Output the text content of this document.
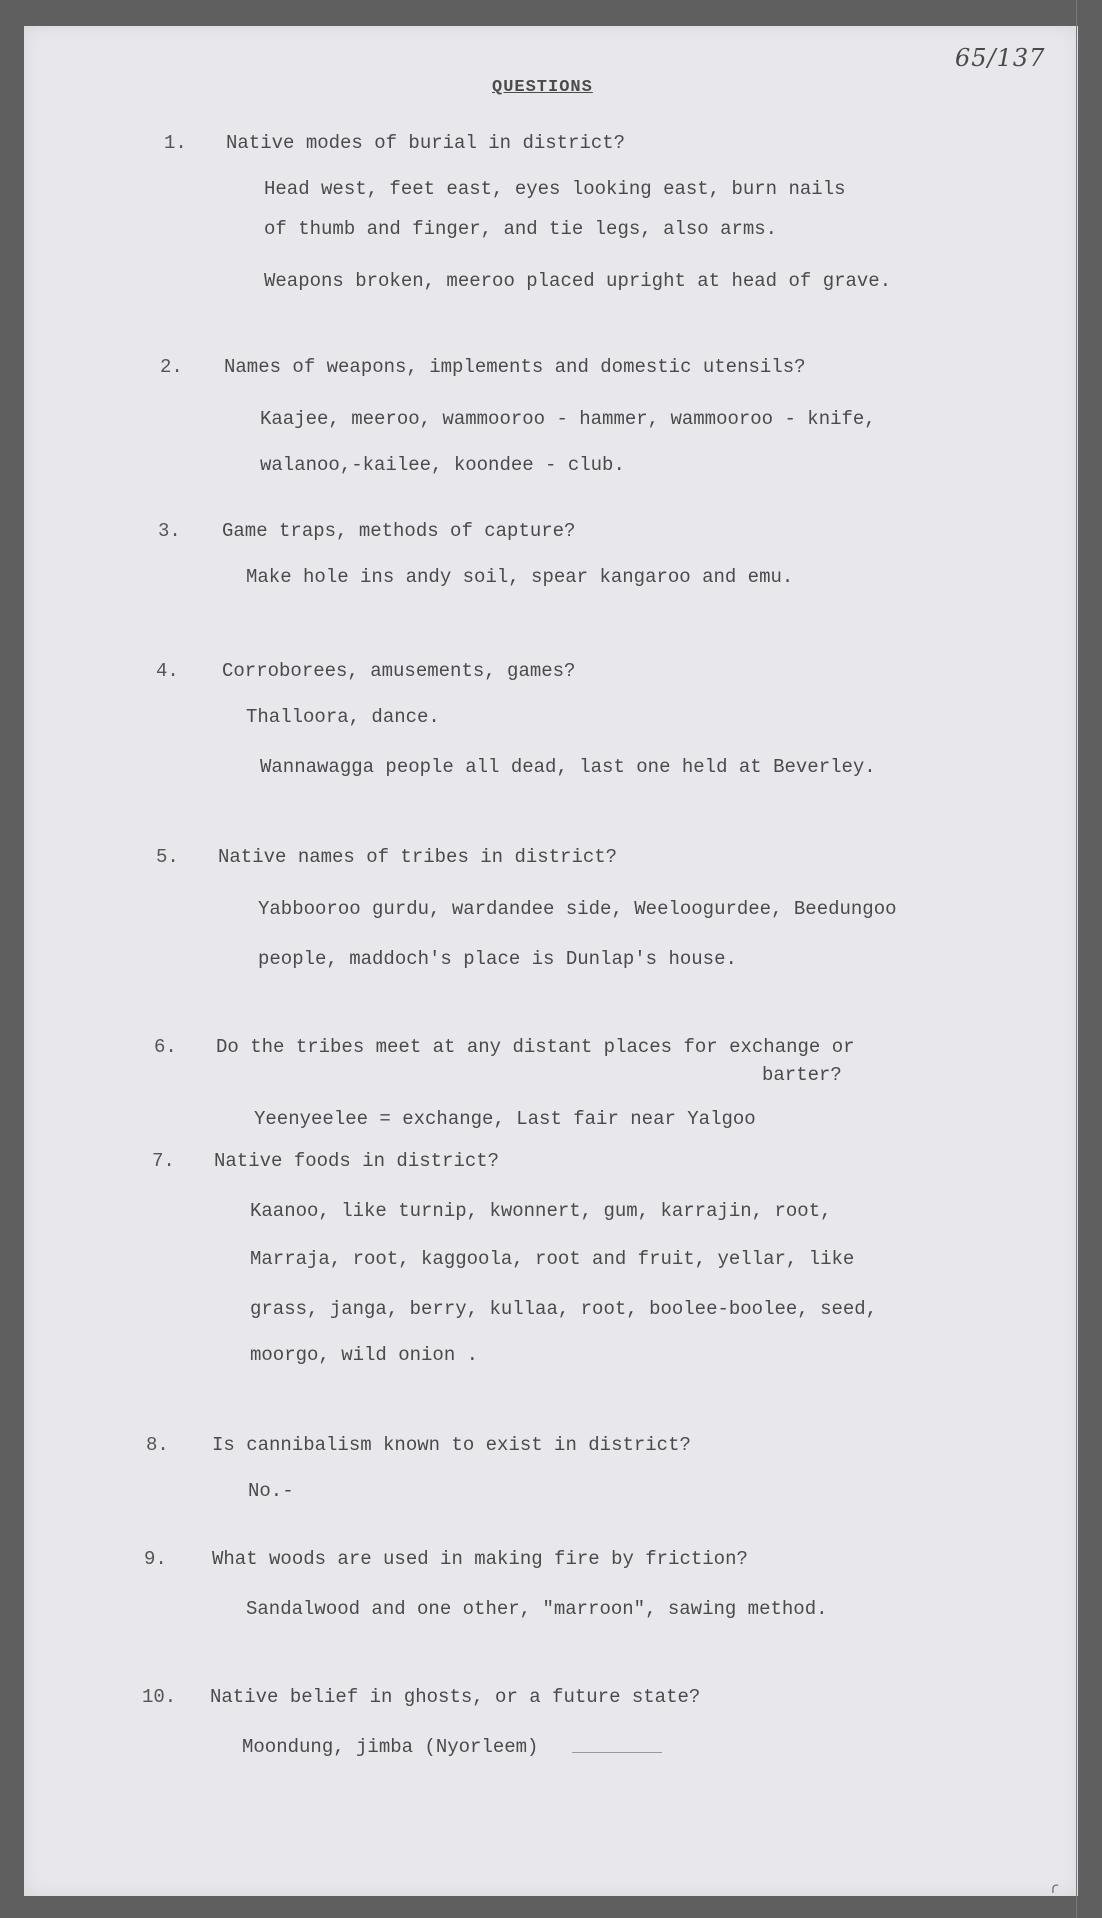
65/137
QUESTIONS
1. Native modes of burial in district?
Head west, feet east, eyes looking east, burn nails
of thumb and finger, and tie legs, also arms.
Weapons broken, meeroo placed upright at head of grave.
2. Names of weapons, implements and domestic utensils?
Kaajee, meeroo, wammooroo - hammer, wammooroo - knife,
walanoo,-kailee, koondee - club.
3. Game traps, methods of capture?
Make hole ins andy soil, spear kangaroo and emu.
4. Corroborees, amusements, games?
Thalloora, dance.
Wannawagga people all dead, last one held at Beverley.
5. Native names of tribes in district?
Yabbooroo gurdu, wardandee side, Weeloogurdee, Beedungoo
people, maddoch's place is Dunlap's house.
6. Do the tribes meet at any distant places for exchange or
barter?
Yeenyeelee = exchange, Last fair near Yalgoo
7. Native foods in district?
Kaanoo, like turnip, kwonnert, gum, karrajin, root,
Marraja, root, kaggoola, root and fruit, yellar, like
grass, janga, berry, kullaa, root, boolee-boolee, seed,
moorgo, wild onion .
8. Is cannibalism known to exist in district?
No.-
9. What woods are used in making fire by friction?
Sandalwood and one other, "marroon", sawing method.
10. Native belief in ghosts, or a future state?
Moondung, jimba (Nyorleem)
ɾ
